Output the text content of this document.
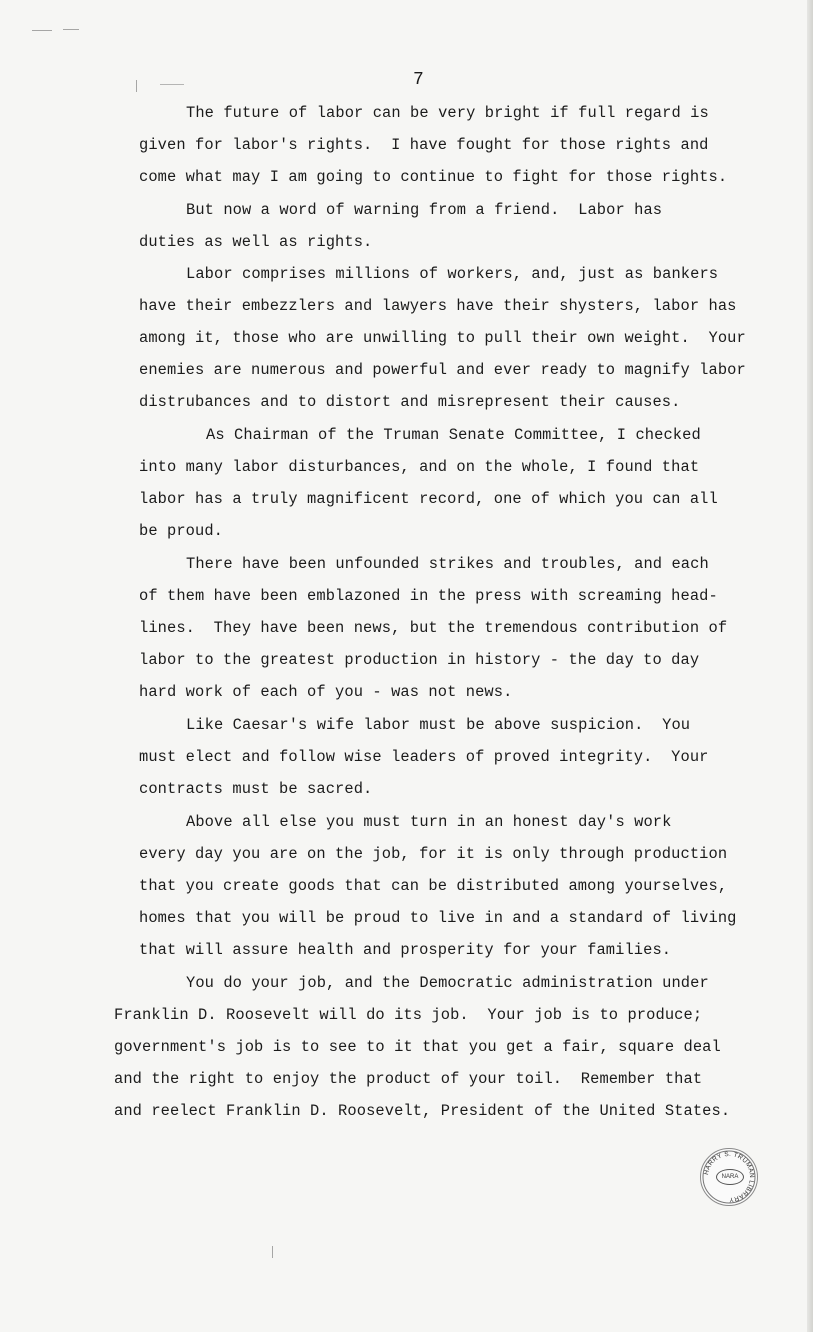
7
The future of labor can be very bright if full regard is
given for labor's rights.  I have fought for those rights and
come what may I am going to continue to fight for those rights.
But now a word of warning from a friend.  Labor has
duties as well as rights.
Labor comprises millions of workers, and, just as bankers
have their embezzlers and lawyers have their shysters, labor has
among it, those who are unwilling to pull their own weight.  Your
enemies are numerous and powerful and ever ready to magnify labor
distrubances and to distort and misrepresent their causes.
As Chairman of the Truman Senate Committee, I checked
into many labor disturbances, and on the whole, I found that
labor has a truly magnificent record, one of which you can all
be proud.
There have been unfounded strikes and troubles, and each
of them have been emblazoned in the press with screaming head-
lines.  They have been news, but the tremendous contribution of
labor to the greatest production in history - the day to day
hard work of each of you - was not news.
Like Caesar's wife labor must be above suspicion.  You
must elect and follow wise leaders of proved integrity.  Your
contracts must be sacred.
Above all else you must turn in an honest day's work
every day you are on the job, for it is only through production
that you create goods that can be distributed among yourselves,
homes that you will be proud to live in and a standard of living
that will assure health and prosperity for your families.
You do your job, and the Democratic administration under
Franklin D. Roosevelt will do its job.  Your job is to produce;
government's job is to see to it that you get a fair, square deal
and the right to enjoy the product of your toil.  Remember that
and reelect Franklin D. Roosevelt, President of the United States.
HARRY S. TRUMAN LIBRARY
NARA
